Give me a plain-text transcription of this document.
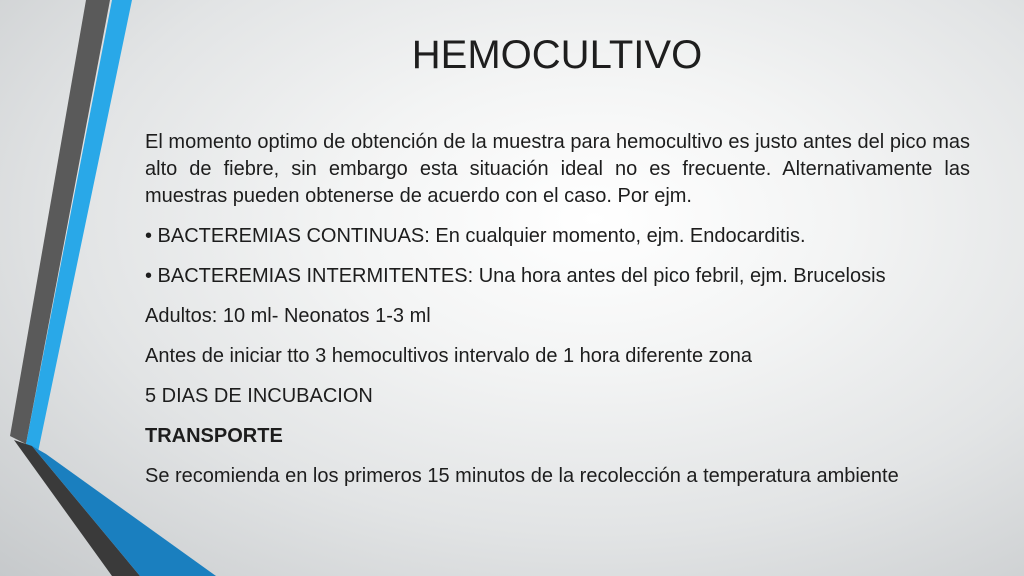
HEMOCULTIVO

El momento optimo de obtención de la muestra para hemocultivo es justo antes del pico mas alto de fiebre, sin embargo esta situación ideal no es frecuente. Alternativamente las muestras pueden obtenerse de acuerdo con el caso. Por ejm.

• BACTEREMIAS CONTINUAS: En cualquier momento, ejm. Endocarditis.

• BACTEREMIAS INTERMITENTES: Una hora antes del pico febril, ejm. Brucelosis

Adultos: 10 ml- Neonatos 1-3 ml

Antes de iniciar tto 3 hemocultivos intervalo de 1 hora diferente zona

5 DIAS DE INCUBACION

TRANSPORTE

Se recomienda en los primeros 15 minutos de la recolección a temperatura ambiente
